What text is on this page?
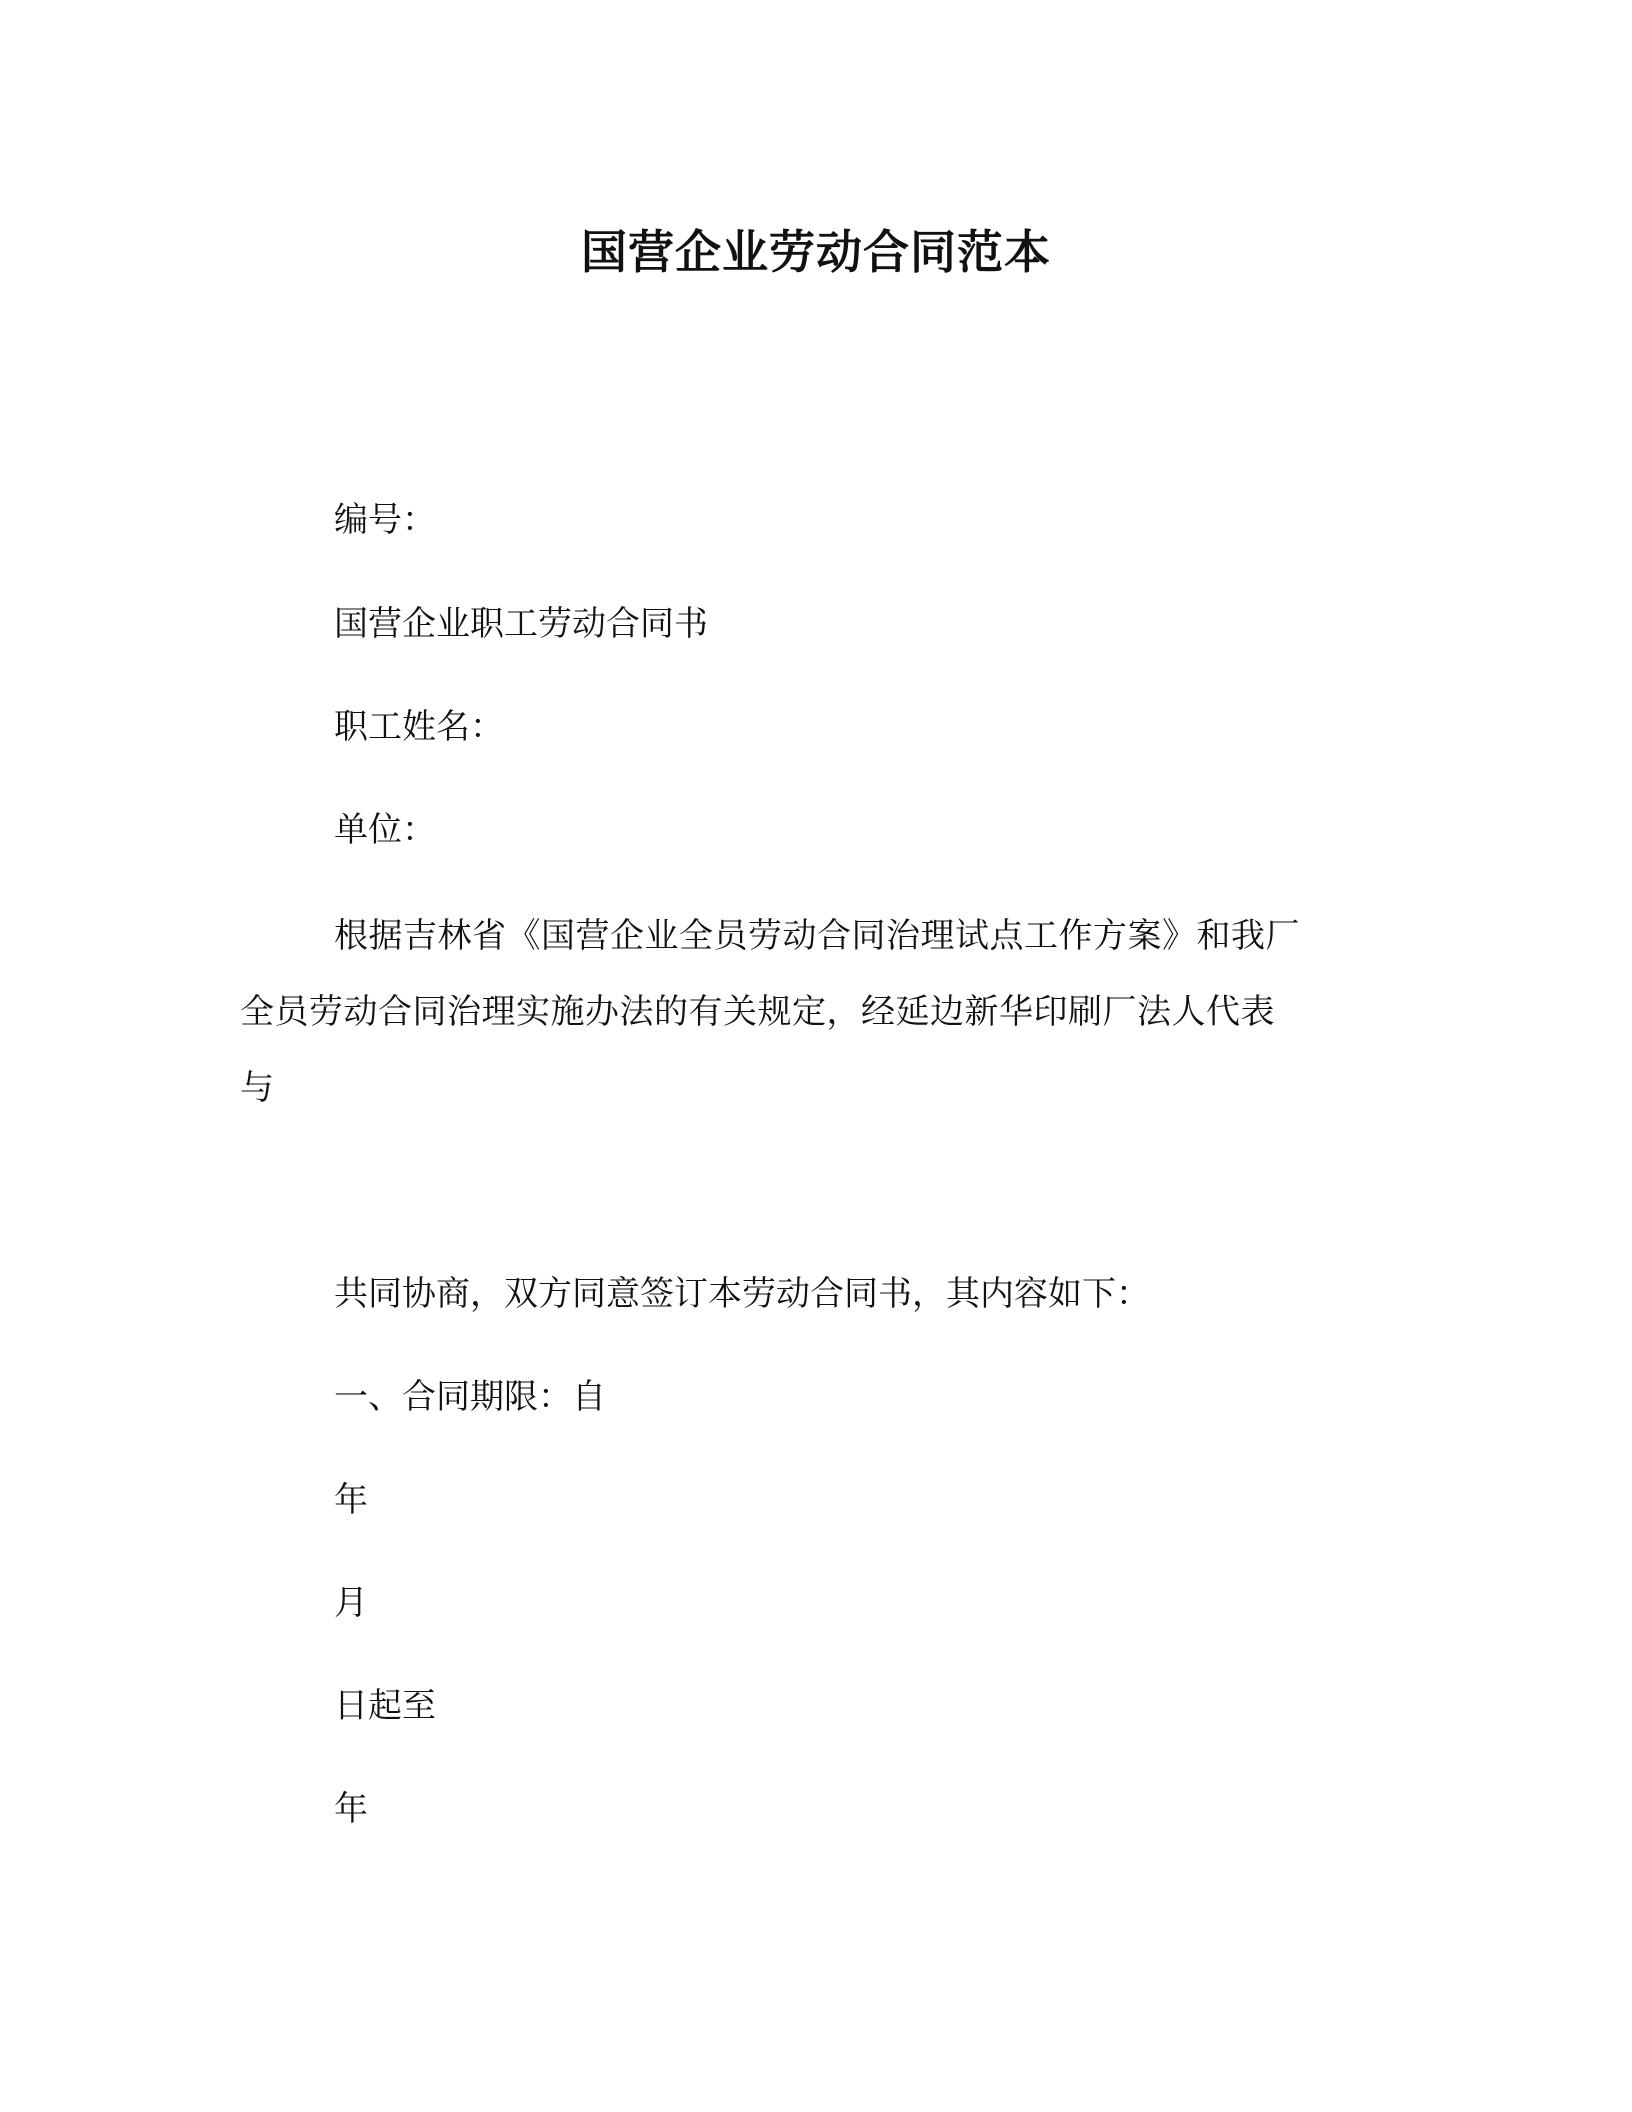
国营企业劳动合同范本
编号：
国营企业职工劳动合同书
职工姓名：
单位：
根据吉林省《国营企业全员劳动合同治理试点工作方案》和我厂
全员劳动合同治理实施办法的有关规定，经延边新华印刷厂法人代表
与
共同协商，双方同意签订本劳动合同书，其内容如下：
一、合同期限：自
年
月
日起至
年
